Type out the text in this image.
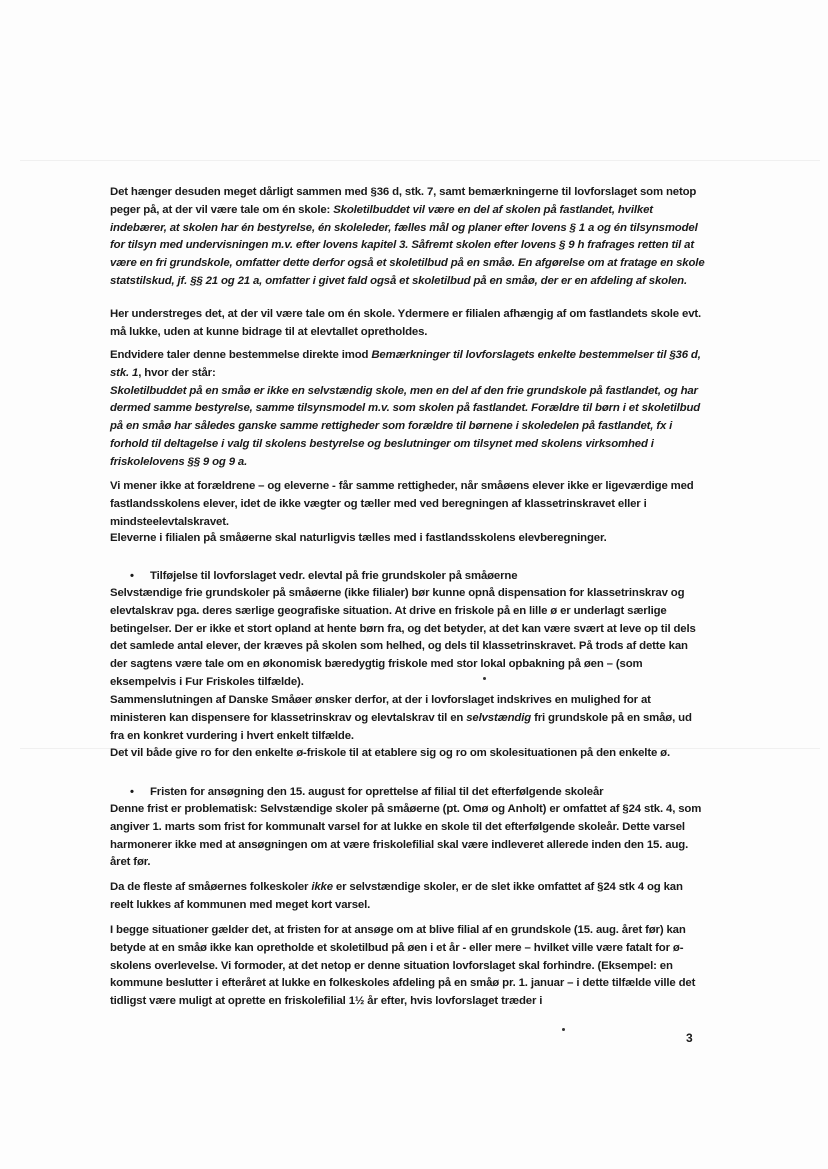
Det hænger desuden meget dårligt sammen med §36 d, stk. 7, samt bemærkningerne til lovforslaget som netop peger på, at der vil være tale om én skole: Skoletilbuddet vil være en del af skolen på fastlandet, hvilket indebærer, at skolen har én bestyrelse, én skoleleder, fælles mål og planer efter lovens § 1 a og én tilsynsmodel for tilsyn med undervisningen m.v. efter lovens kapitel 3. Såfremt skolen efter lovens § 9 h frafrages retten til at være en fri grundskole, omfatter dette derfor også et skoletilbud på en småø. En afgørelse om at fratage en skole statstilskud, jf. §§ 21 og 21 a, omfatter i givet fald også et skoletilbud på en småø, der er en afdeling af skolen.

Her understreges det, at der vil være tale om én skole. Ydermere er filialen afhængig af om fastlandets skole evt. må lukke, uden at kunne bidrage til at elevtallet opretholdes.

Endvidere taler denne bestemmelse direkte imod Bemærkninger til lovforslagets enkelte bestemmelser til §36 d, stk. 1, hvor der står:
Skoletilbuddet på en småø er ikke en selvstændig skole, men en del af den frie grundskole på fastlandet, og har dermed samme bestyrelse, samme tilsynsmodel m.v. som skolen på fastlandet. Forældre til børn i et skoletilbud på en småø har således ganske samme rettigheder som forældre til børnene i skoledelen på fastlandet, fx i forhold til deltagelse i valg til skolens bestyrelse og beslutninger om tilsynet med skolens virksomhed i friskolelovens §§ 9 og 9 a.

Vi mener ikke at forældrene – og eleverne - får samme rettigheder, når småøens elever ikke er ligeværdige med fastlandsskolens elever, idet de ikke vægter og tæller med ved beregningen af klassetrinskravet eller i mindsteelevtalskravet.

Eleverne i filialen på småøerne skal naturligvis tælles med i fastlandsskolens elevberegninger.

• Tilføjelse til lovforslaget vedr. elevtal på frie grundskoler på småøerne

Selvstændige frie grundskoler på småøerne (ikke filialer) bør kunne opnå dispensation for klassetrinskrav og elevtalskrav pga. deres særlige geografiske situation. At drive en friskole på en lille ø er underlagt særlige betingelser. Der er ikke et stort opland at hente børn fra, og det betyder, at det kan være svært at leve op til dels det samlede antal elever, der kræves på skolen som helhed, og dels til klassetrinskravet. På trods af dette kan der sagtens være tale om en økonomisk bæredygtig friskole med stor lokal opbakning på øen – (som eksempelvis i Fur Friskoles tilfælde).

Sammenslutningen af Danske Småøer ønsker derfor, at der i lovforslaget indskrives en mulighed for at ministeren kan dispensere for klassetrinskrav og elevtalskrav til en selvstændig fri grundskole på en småø, ud fra en konkret vurdering i hvert enkelt tilfælde.

Det vil både give ro for den enkelte ø-friskole til at etablere sig og ro om skolesituationen på den enkelte ø.

• Fristen for ansøgning den 15. august for oprettelse af filial til det efterfølgende skoleår

Denne frist er problematisk: Selvstændige skoler på småøerne (pt. Omø og Anholt) er omfattet af §24 stk. 4, som angiver 1. marts som frist for kommunalt varsel for at lukke en skole til det efterfølgende skoleår. Dette varsel harmonerer ikke med at ansøgningen om at være friskolefilial skal være indleveret allerede inden den 15. aug. året før.

Da de fleste af småøernes folkeskoler ikke er selvstændige skoler, er de slet ikke omfattet af §24 stk 4 og kan reelt lukkes af kommunen med meget kort varsel.

I begge situationer gælder det, at fristen for at ansøge om at blive filial af en grundskole (15. aug. året før) kan betyde at en småø ikke kan opretholde et skoletilbud på øen i et år - eller mere – hvilket ville være fatalt for ø-skolens overlevelse. Vi formoder, at det netop er denne situation lovforslaget skal forhindre. (Eksempel: en kommune beslutter i efteråret at lukke en folkeskoles afdeling på en småø pr. 1. januar – i dette tilfælde ville det tidligst være muligt at oprette en friskolefilial 1½ år efter, hvis lovforslaget træder i

3
